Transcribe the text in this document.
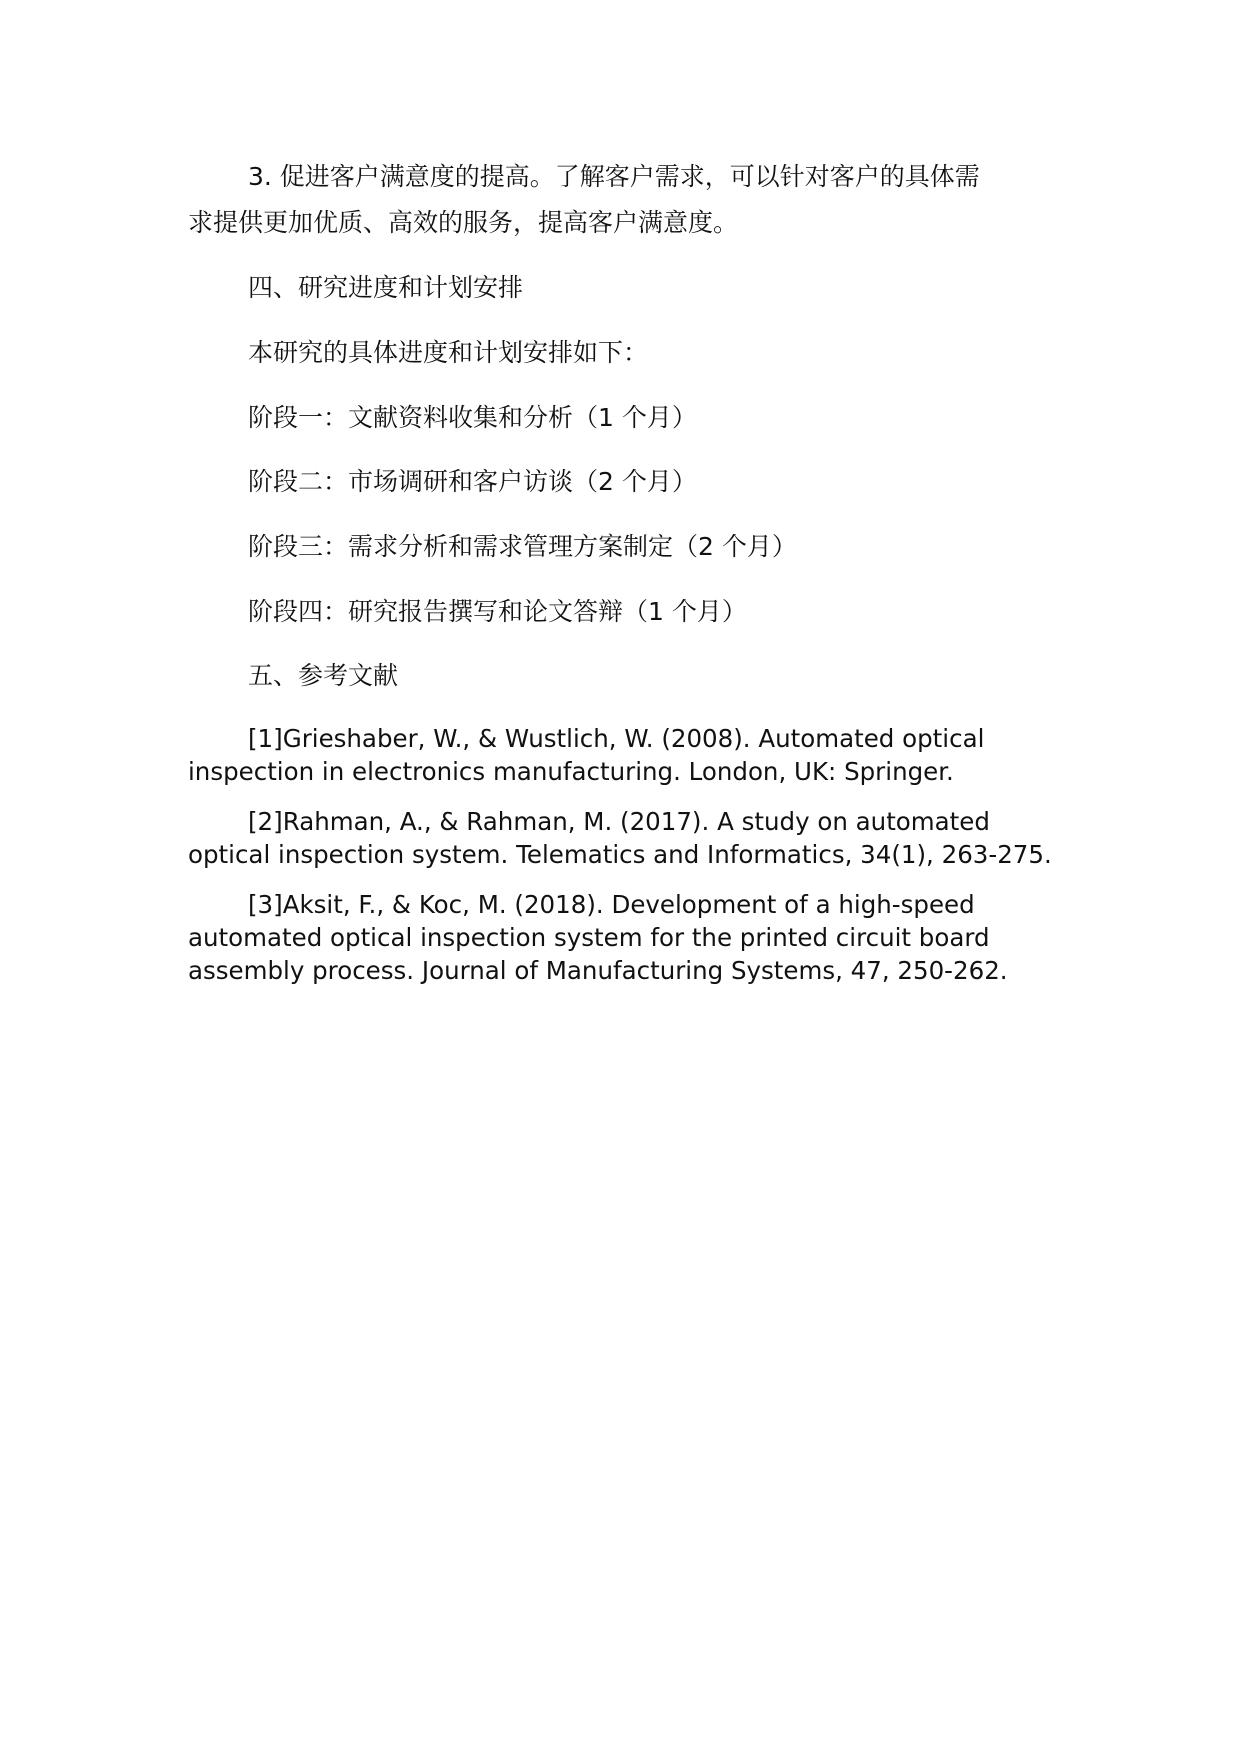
3. 促进客户满意度的提高。了解客户需求，可以针对客户的具体需
求提供更加优质、高效的服务，提高客户满意度。

四、研究进度和计划安排

本研究的具体进度和计划安排如下：

阶段一：文献资料收集和分析（1 个月）

阶段二：市场调研和客户访谈（2 个月）

阶段三：需求分析和需求管理方案制定（2 个月）

阶段四：研究报告撰写和论文答辩（1 个月）

五、参考文献

[1]Grieshaber, W., & Wustlich, W. (2008). Automated optical
inspection in electronics manufacturing. London, UK: Springer.
[2]Rahman, A., & Rahman, M. (2017). A study on automated
optical inspection system. Telematics and Informatics, 34(1), 263-275.
[3]Aksit, F., & Koc, M. (2018). Development of a high-speed
automated optical inspection system for the printed circuit board
assembly process. Journal of Manufacturing Systems, 47, 250-262.
